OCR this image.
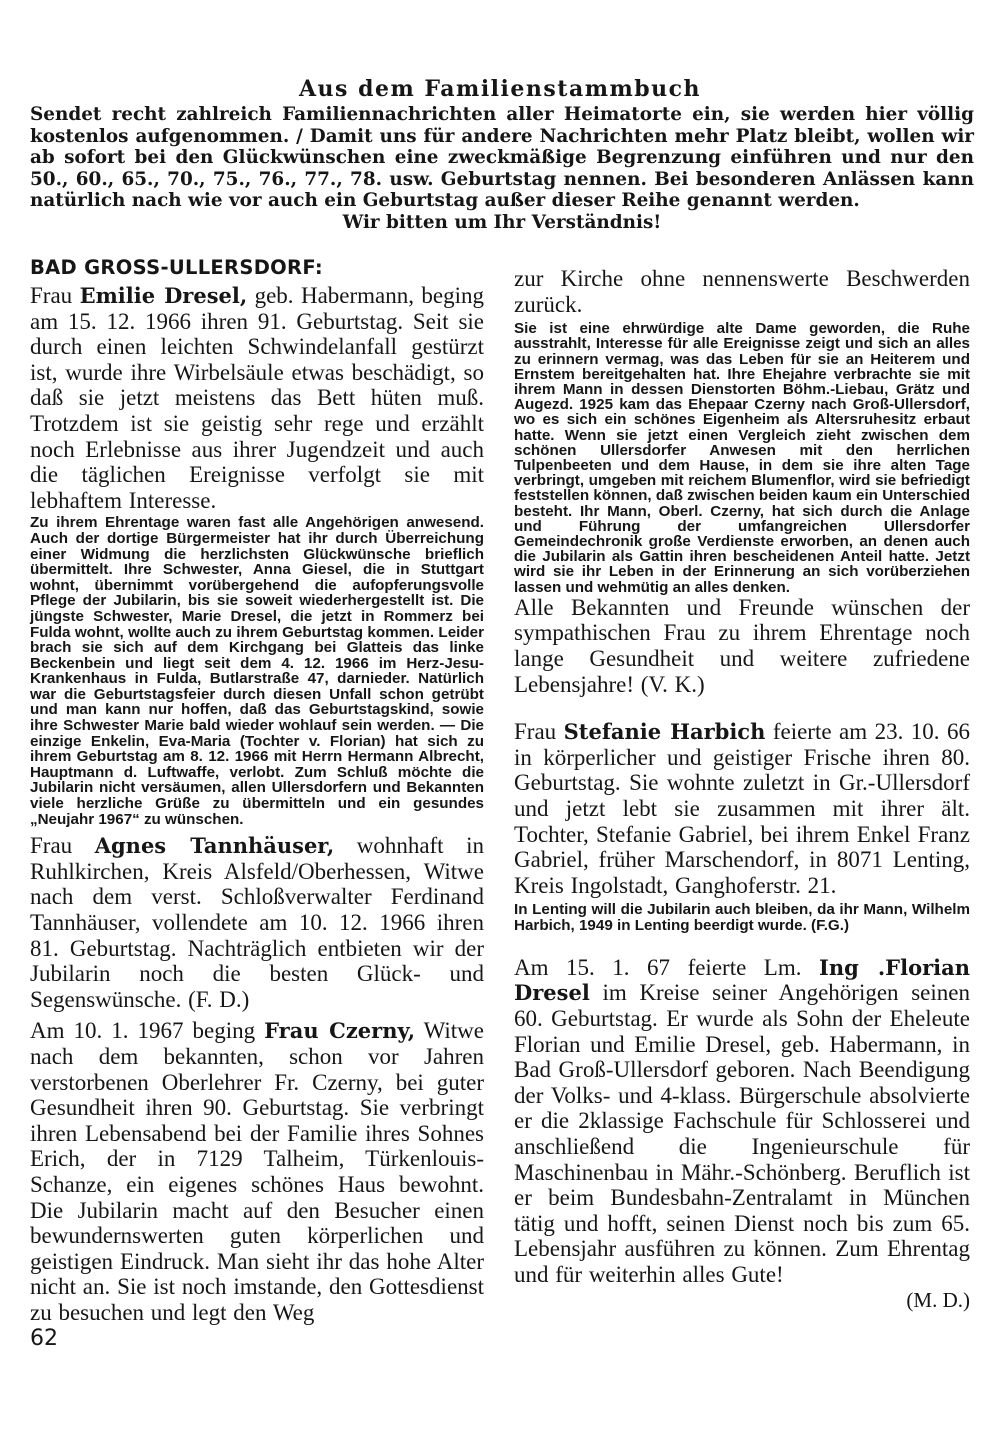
Aus dem Familienstammbuch

Sendet recht zahlreich Familiennachrichten aller Heimatorte ein, sie werden hier völlig kostenlos aufgenommen. / Damit uns für andere Nachrichten mehr Platz bleibt, wollen wir ab sofort bei den Glückwünschen eine zweckmäßige Begrenzung einführen und nur den 50., 60., 65., 70., 75., 76., 77., 78. usw. Geburtstag nennen. Bei besonderen Anlässen kann natürlich nach wie vor auch ein Geburtstag außer dieser Reihe genannt werden.
Wir bitten um Ihr Verständnis!

BAD GROSS-ULLERSDORF:

Frau Emilie Dresel, geb. Habermann, beging am 15. 12. 1966 ihren 91. Geburtstag. Seit sie durch einen leichten Schwindelanfall gestürzt ist, wurde ihre Wirbelsäule etwas beschädigt, so daß sie jetzt meistens das Bett hüten muß. Trotzdem ist sie geistig sehr rege und erzählt noch Erlebnisse aus ihrer Jugendzeit und auch die täglichen Ereignisse verfolgt sie mit lebhaftem Interesse.

Zu ihrem Ehrentage waren fast alle Angehörigen anwesend. Auch der dortige Bürgermeister hat ihr durch Überreichung einer Widmung die herzlichsten Glückwünsche brieflich übermittelt. Ihre Schwester, Anna Giesel, die in Stuttgart wohnt, übernimmt vorübergehend die aufopferungsvolle Pflege der Jubilarin, bis sie soweit wiederhergestellt ist. Die jüngste Schwester, Marie Dresel, die jetzt in Rommerz bei Fulda wohnt, wollte auch zu ihrem Geburtstag kommen. Leider brach sie sich auf dem Kirchgang bei Glatteis das linke Beckenbein und liegt seit dem 4. 12. 1966 im Herz-Jesu-Krankenhaus in Fulda, Butlarstraße 47, darnieder. Natürlich war die Geburtstagsfeier durch diesen Unfall schon getrübt und man kann nur hoffen, daß das Geburtstagskind, sowie ihre Schwester Marie bald wieder wohlauf sein werden. — Die einzige Enkelin, Eva-Maria (Tochter v. Florian) hat sich zu ihrem Geburtstag am 8. 12. 1966 mit Herrn Hermann Albrecht, Hauptmann d. Luftwaffe, verlobt. Zum Schluß möchte die Jubilarin nicht versäumen, allen Ullersdorfern und Bekannten viele herzliche Grüße zu übermitteln und ein gesundes „Neujahr 1967“ zu wünschen.

Frau Agnes Tannhäuser, wohnhaft in Ruhlkirchen, Kreis Alsfeld/Oberhessen, Witwe nach dem verst. Schloßverwalter Ferdinand Tannhäuser, vollendete am 10. 12. 1966 ihren 81. Geburtstag. Nachträglich entbieten wir der Jubilarin noch die besten Glück- und Segenswünsche. (F. D.)

Am 10. 1. 1967 beging Frau Czerny, Witwe nach dem bekannten, schon vor Jahren verstorbenen Oberlehrer Fr. Czerny, bei guter Gesundheit ihren 90. Geburtstag. Sie verbringt ihren Lebensabend bei der Familie ihres Sohnes Erich, der in 7129 Talheim, Türkenlouis-Schanze, ein eigenes schönes Haus bewohnt. Die Jubilarin macht auf den Besucher einen bewundernswerten guten körperlichen und geistigen Eindruck. Man sieht ihr das hohe Alter nicht an. Sie ist noch imstande, den Gottesdienst zu besuchen und legt den Weg

zur Kirche ohne nennenswerte Beschwerden zurück.

Sie ist eine ehrwürdige alte Dame geworden, die Ruhe ausstrahlt, Interesse für alle Ereignisse zeigt und sich an alles zu erinnern vermag, was das Leben für sie an Heiterem und Ernstem bereitgehalten hat. Ihre Ehejahre verbrachte sie mit ihrem Mann in dessen Dienstorten Böhm.-Liebau, Grätz und Augezd. 1925 kam das Ehepaar Czerny nach Groß-Ullersdorf, wo es sich ein schönes Eigenheim als Altersruhesitz erbaut hatte. Wenn sie jetzt einen Vergleich zieht zwischen dem schönen Ullersdorfer Anwesen mit den herrlichen Tulpenbeeten und dem Hause, in dem sie ihre alten Tage verbringt, umgeben mit reichem Blumenflor, wird sie befriedigt feststellen können, daß zwischen beiden kaum ein Unterschied besteht. Ihr Mann, Oberl. Czerny, hat sich durch die Anlage und Führung der umfangreichen Ullersdorfer Gemeindechronik große Verdienste erworben, an denen auch die Jubilarin als Gattin ihren bescheidenen Anteil hatte. Jetzt wird sie ihr Leben in der Erinnerung an sich vorüberziehen lassen und wehmütig an alles denken.

Alle Bekannten und Freunde wünschen der sympathischen Frau zu ihrem Ehrentage noch lange Gesundheit und weitere zufriedene Lebensjahre! (V. K.)

Frau Stefanie Harbich feierte am 23. 10. 66 in körperlicher und geistiger Frische ihren 80. Geburtstag. Sie wohnte zuletzt in Gr.-Ullersdorf und jetzt lebt sie zusammen mit ihrer ält. Tochter, Stefanie Gabriel, bei ihrem Enkel Franz Gabriel, früher Marschendorf, in 8071 Lenting, Kreis Ingolstadt, Ganghoferstr. 21.

In Lenting will die Jubilarin auch bleiben, da ihr Mann, Wilhelm Harbich, 1949 in Lenting beerdigt wurde. (F.G.)

Am 15. 1. 67 feierte Lm. Ing .Florian Dresel im Kreise seiner Angehörigen seinen 60. Geburtstag. Er wurde als Sohn der Eheleute Florian und Emilie Dresel, geb. Habermann, in Bad Groß-Ullersdorf geboren. Nach Beendigung der Volks- und 4-klass. Bürgerschule absolvierte er die 2klassige Fachschule für Schlosserei und anschließend die Ingenieurschule für Maschinenbau in Mähr.-Schönberg. Beruflich ist er beim Bundesbahn-Zentralamt in München tätig und hofft, seinen Dienst noch bis zum 65. Lebensjahr ausführen zu können. Zum Ehrentag und für weiterhin alles Gute!

(M. D.)

62
